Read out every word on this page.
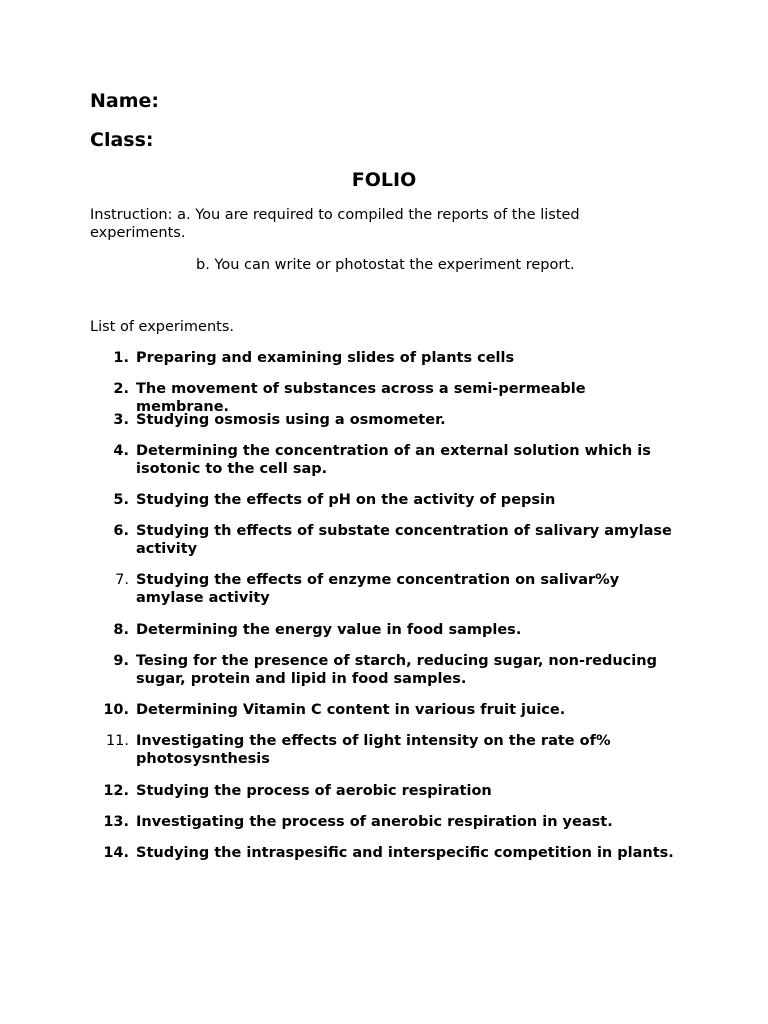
Name:
Class:
FOLIO

Instruction: a. You are required to compiled the reports of the listed experiments.

b. You can write or photostat the experiment report.

List of experiments.

1. Preparing and examining slides of plants cells
2. The movement of substances across a semi-permeable membrane.
3. Studying osmosis using a osmometer.
4. Determining the concentration of an external solution which is isotonic to the cell sap.
5. Studying the effects of pH on the activity of pepsin
6. Studying th effects of substate concentration of salivary amylase activity
7. Studying the effects of enzyme concentration on salivar%y amylase activity
8. Determining the energy value in food samples.
9. Tesing for the presence of starch, reducing sugar, non-reducing sugar, protein and lipid in food samples.
10. Determining Vitamin C content in various fruit juice.
11. Investigating the effects of light intensity on the rate of% photosysnthesis
12. Studying the process of aerobic respiration
13. Investigating the process of anerobic respiration in yeast.
14. Studying the intraspesific and interspecific competition in plants.
